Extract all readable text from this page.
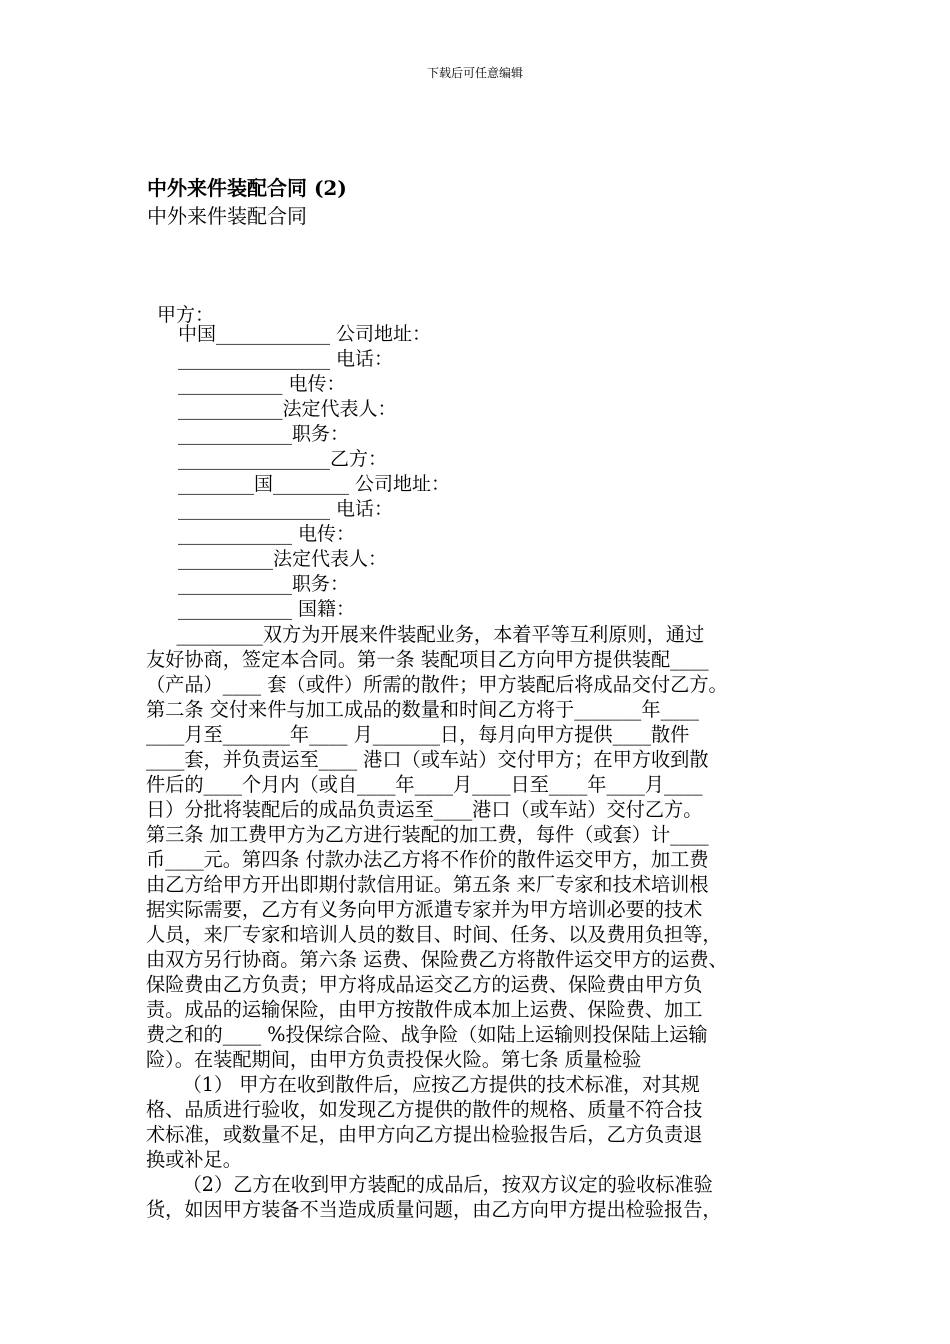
下载后可任意编辑
中外来件装配合同 (2)
中外来件装配合同
甲方：
中国____________ 公司地址：
________________ 电话：
___________ 电传：
___________法定代表人：
____________职务：
________________乙方：
________国________ 公司地址：
________________ 电话：
____________ 电传：
__________法定代表人：
____________职务：
____________ 国籍：
_________双方为开展来件装配业务，本着平等互利原则，通过
友好协商，签定本合同。第一条 装配项目乙方向甲方提供装配____
（产品）____ 套（或件）所需的散件；甲方装配后将成品交付乙方。
第二条 交付来件与加工成品的数量和时间乙方将于_______年____
____月至_______年____ 月_______日，每月向甲方提供____散件
____套，并负责运至____ 港口（或车站）交付甲方；在甲方收到散
件后的____个月内（或自____年____月____日至____年____月____
日）分批将装配后的成品负责运至____港口（或车站）交付乙方。
第三条 加工费甲方为乙方进行装配的加工费，每件（或套）计____
币____元。第四条 付款办法乙方将不作价的散件运交甲方，加工费
由乙方给甲方开出即期付款信用证。第五条 来厂专家和技术培训根
据实际需要，乙方有义务向甲方派遣专家并为甲方培训必要的技术
人员，来厂专家和培训人员的数目、时间、任务、以及费用负担等，
由双方另行协商。第六条 运费、保险费乙方将散件运交甲方的运费、
保险费由乙方负责；甲方将成品运交乙方的运费、保险费由甲方负
责。成品的运输保险，由甲方按散件成本加上运费、保险费、加工
费之和的____ %投保综合险、战争险（如陆上运输则投保陆上运输
险）。在装配期间，由甲方负责投保火险。第七条 质量检验
（1） 甲方在收到散件后，应按乙方提供的技术标准，对其规
格、品质进行验收，如发现乙方提供的散件的规格、质量不符合技
术标准，或数量不足，由甲方向乙方提出检验报告后，乙方负责退
换或补足。
（2）乙方在收到甲方装配的成品后，按双方议定的验收标准验
货，如因甲方装备不当造成质量问题，由乙方向甲方提出检验报告，
